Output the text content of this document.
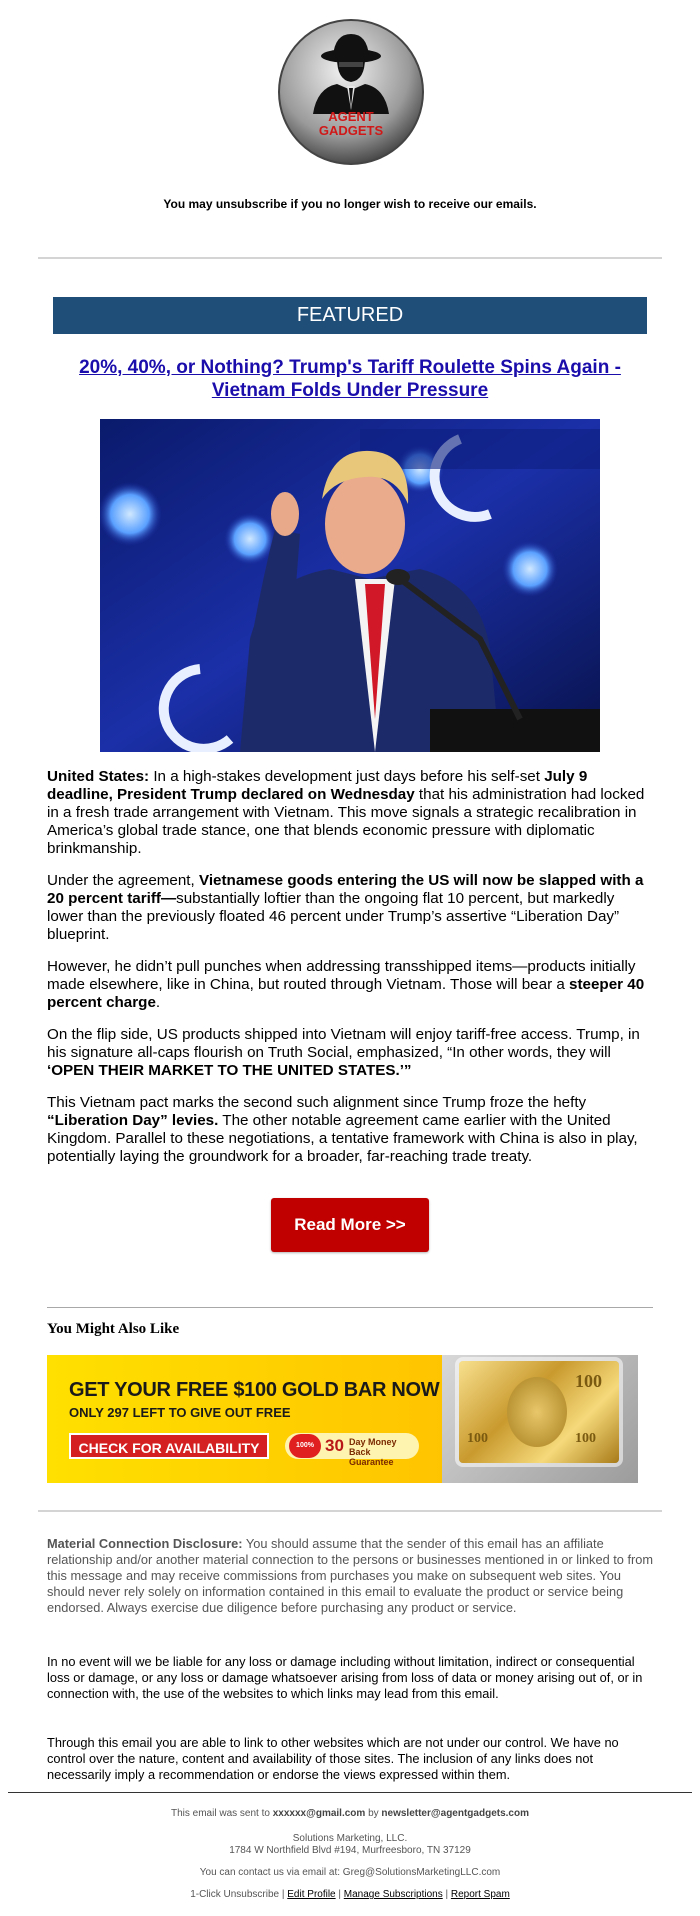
AGENT
GADGETS
You may unsubscribe if you no longer wish to receive our emails.
FEATURED
20%, 40%, or Nothing? Trump's Tariff Roulette Spins Again -
Vietnam Folds Under Pressure

United States: In a high-stakes development just days before his self-set July 9 deadline, President Trump declared on Wednesday that his administration had locked in a fresh trade arrangement with Vietnam. This move signals a strategic recalibration in America’s global trade stance, one that blends economic pressure with diplomatic brinkmanship.

Under the agreement, Vietnamese goods entering the US will now be slapped with a 20 percent tariff—substantially loftier than the ongoing flat 10 percent, but markedly lower than the previously floated 46 percent under Trump’s assertive “Liberation Day” blueprint.

However, he didn’t pull punches when addressing transshipped items—products initially made elsewhere, like in China, but routed through Vietnam. Those will bear a steeper 40 percent charge.

On the flip side, US products shipped into Vietnam will enjoy tariff-free access. Trump, in his signature all-caps flourish on Truth Social, emphasized, “In other words, they will ‘OPEN THEIR MARKET TO THE UNITED STATES.’”

This Vietnam pact marks the second such alignment since Trump froze the hefty “Liberation Day” levies. The other notable agreement came earlier with the United Kingdom. Parallel to these negotiations, a tentative framework with China is also in play, potentially laying the groundwork for a broader, far-reaching trade treaty.

Read More >>
You Might Also Like
GET YOUR FREE $100 GOLD BAR NOW
ONLY 297 LEFT TO GIVE OUT FREE
CHECK FOR AVAILABILITY	100% 30 Day Money Back Guarantee
100
100
100

Material Connection Disclosure: You should assume that the sender of this email has an affiliate relationship and/or another material connection to the persons or businesses mentioned in or linked to from this message and may receive commissions from purchases you make on subsequent web sites. You should never rely solely on information contained in this email to evaluate the product or service being endorsed. Always exercise due diligence before purchasing any product or service.

In no event will we be liable for any loss or damage including without limitation, indirect or consequential loss or damage, or any loss or damage whatsoever arising from loss of data or money arising out of, or in connection with, the use of the websites to which links may lead from this email.
Through this email you are able to link to other websites which are not under our control. We have no control over the nature, content and availability of those sites. The inclusion of any links does not necessarily imply a recommendation or endorse the views expressed within them.
This email was sent to xxxxxx@gmail.com by newsletter@agentgadgets.com
Solutions Marketing, LLC.
1784 W Northfield Blvd #194, Murfreesboro, TN 37129
You can contact us via email at: Greg@SolutionsMarketingLLC.com
1-Click Unsubscribe | Edit Profile | Manage Subscriptions | Report Spam
